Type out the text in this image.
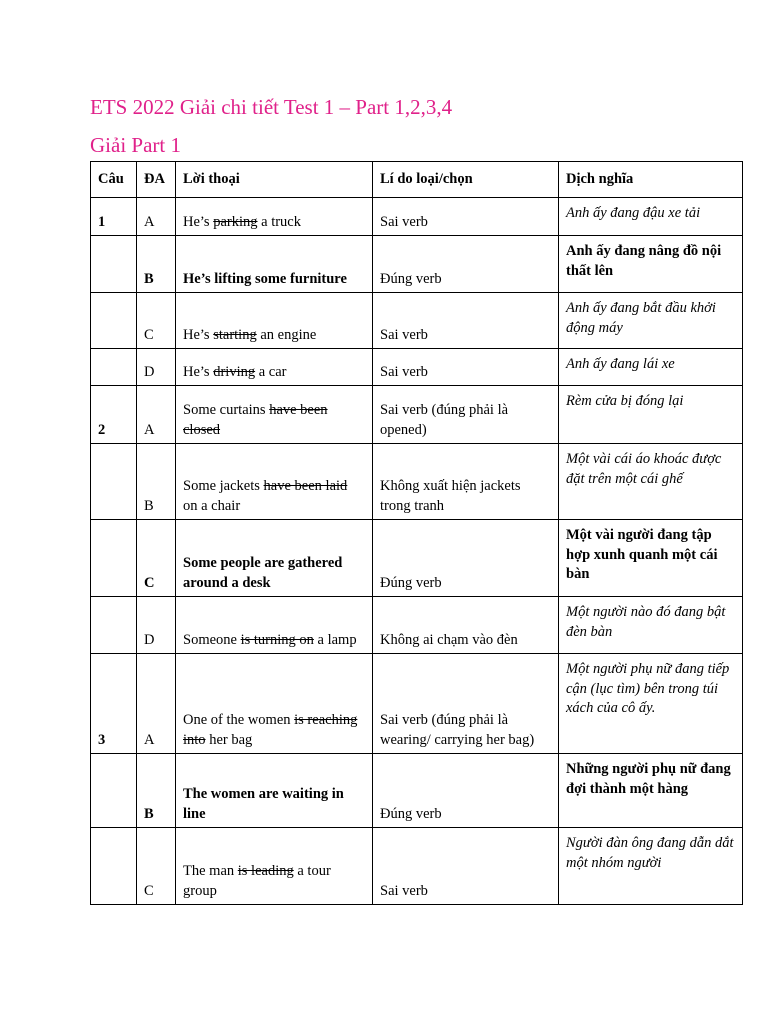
ETS 2022 Giải chi tiết Test 1 – Part 1,2,3,4
Giải Part 1
Câu	ĐA	Lời thoại	Lí do loại/chọn	Dịch nghĩa
1	A	He’s parking a truck	Sai verb	Anh ấy đang đậu xe tải
	B	He’s lifting some furniture	Đúng verb	Anh ấy đang nâng đồ nội thất lên
	C	He’s starting an engine	Sai verb	Anh ấy đang bắt đầu khởi động máy
	D	He’s driving a car	Sai verb	Anh ấy đang lái xe
2	A	Some curtains have been closed	Sai verb (đúng phải là opened)	Rèm cửa bị đóng lại
	B	Some jackets have been laid on a chair	Không xuất hiện jackets trong tranh	Một vài cái áo khoác được đặt trên một cái ghế
	C	Some people are gathered around a desk	Đúng verb	Một vài người đang tập hợp xunh quanh một cái bàn
	D	Someone is turning on a lamp	Không ai chạm vào đèn	Một người nào đó đang bật đèn bàn
3	A	One of the women is reaching into her bag	Sai verb (đúng phải là wearing/ carrying her bag)	Một người phụ nữ đang tiếp cận (lục tìm) bên trong túi xách của cô ấy.
	B	The women are waiting in line	Đúng verb	Những người phụ nữ đang đợi thành một hàng
	C	The man is leading a tour group	Sai verb	Người đàn ông đang dẫn dắt một nhóm người
